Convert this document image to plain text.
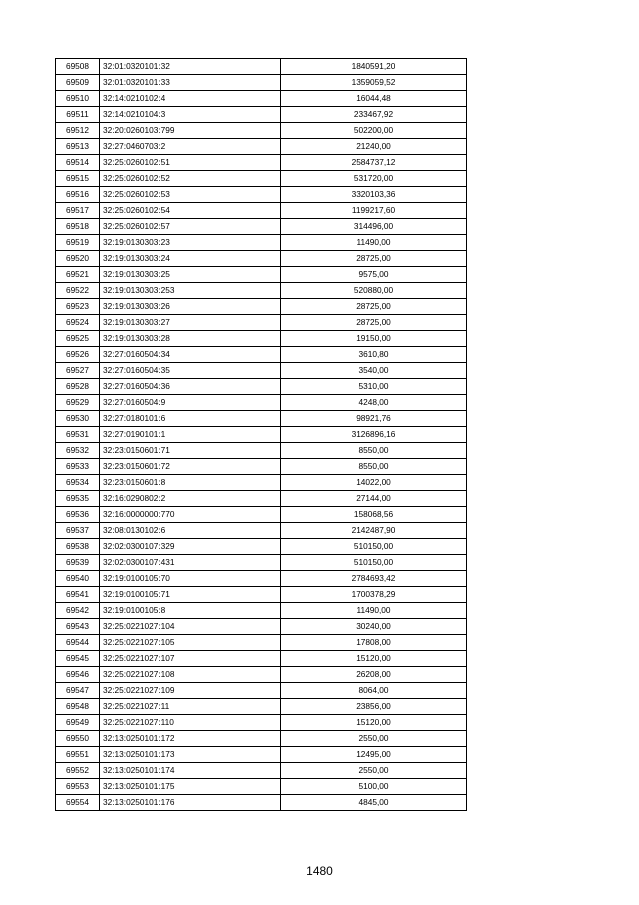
69508	32:01:0320101:32	1840591,20
69509	32:01:0320101:33	1359059,52
69510	32:14:0210102:4	16044,48
69511	32:14:0210104:3	233467,92
69512	32:20:0260103:799	502200,00
69513	32:27:0460703:2	21240,00
69514	32:25:0260102:51	2584737,12
69515	32:25:0260102:52	531720,00
69516	32:25:0260102:53	3320103,36
69517	32:25:0260102:54	1199217,60
69518	32:25:0260102:57	314496,00
69519	32:19:0130303:23	11490,00
69520	32:19:0130303:24	28725,00
69521	32:19:0130303:25	9575,00
69522	32:19:0130303:253	520880,00
69523	32:19:0130303:26	28725,00
69524	32:19:0130303:27	28725,00
69525	32:19:0130303:28	19150,00
69526	32:27:0160504:34	3610,80
69527	32:27:0160504:35	3540,00
69528	32:27:0160504:36	5310,00
69529	32:27:0160504:9	4248,00
69530	32:27:0180101:6	98921,76
69531	32:27:0190101:1	3126896,16
69532	32:23:0150601:71	8550,00
69533	32:23:0150601:72	8550,00
69534	32:23:0150601:8	14022,00
69535	32:16:0290802:2	27144,00
69536	32:16:0000000:770	158068,56
69537	32:08:0130102:6	2142487,90
69538	32:02:0300107:329	510150,00
69539	32:02:0300107:431	510150,00
69540	32:19:0100105:70	2784693,42
69541	32:19:0100105:71	1700378,29
69542	32:19:0100105:8	11490,00
69543	32:25:0221027:104	30240,00
69544	32:25:0221027:105	17808,00
69545	32:25:0221027:107	15120,00
69546	32:25:0221027:108	26208,00
69547	32:25:0221027:109	8064,00
69548	32:25:0221027:11	23856,00
69549	32:25:0221027:110	15120,00
69550	32:13:0250101:172	2550,00
69551	32:13:0250101:173	12495,00
69552	32:13:0250101:174	2550,00
69553	32:13:0250101:175	5100,00
69554	32:13:0250101:176	4845,00
1480
